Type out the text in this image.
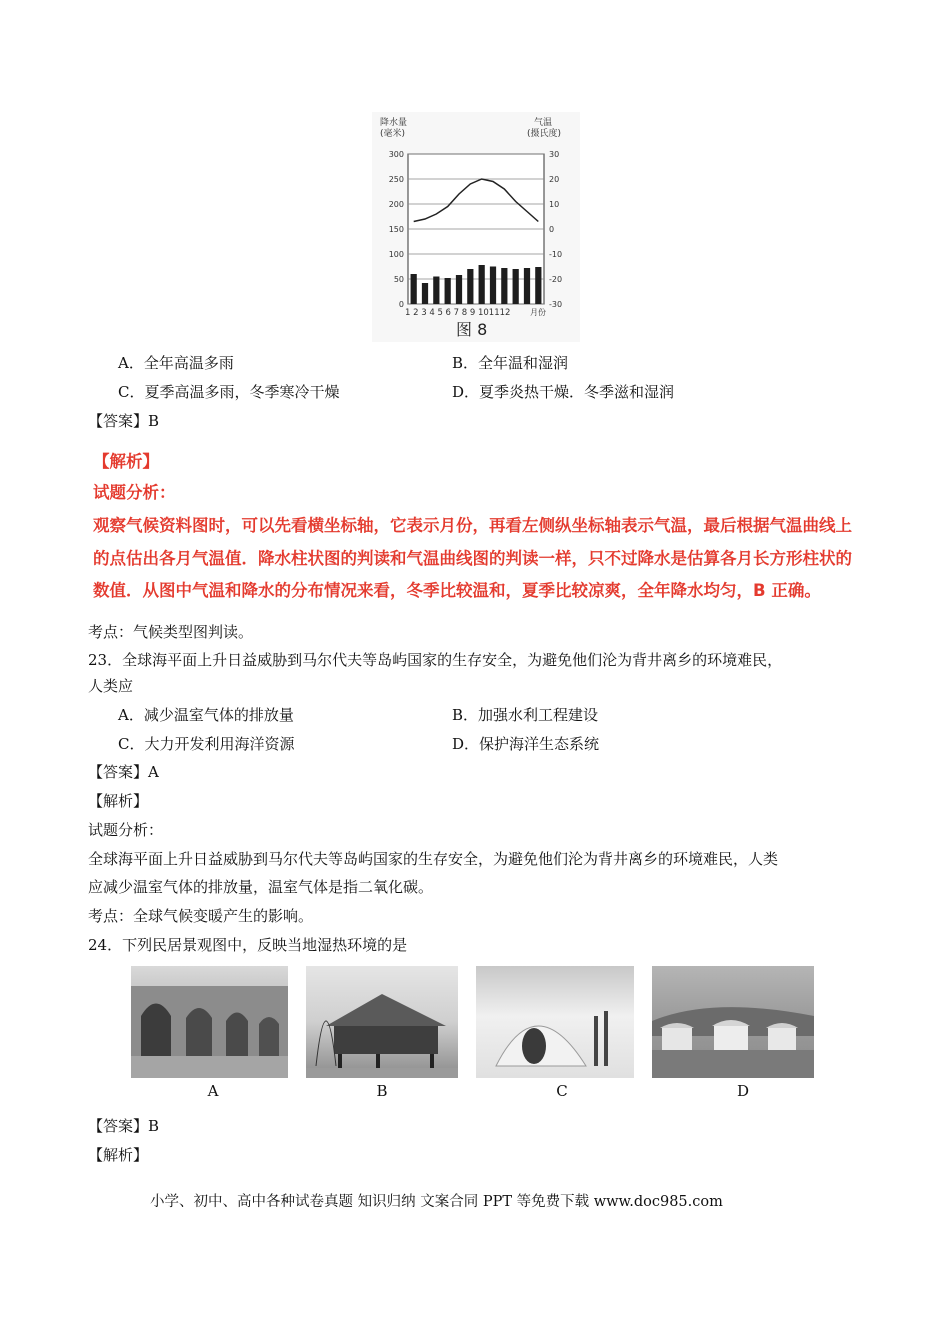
降水量
(毫米)
气温
(摄氏度)
300
250
200
150
100
50
0
30
20
10
0
-10
-20
-30
1 2 3 4 5 6 7 8 9 101112 月份
图 8
A．全年高温多雨	B．全年温和湿润
C．夏季高温多雨，冬季寒冷干燥	D．夏季炎热干燥．冬季滋和湿润
【答案】B
【解析】
试题分析：
观察气候资料图时，可以先看横坐标轴，它表示月份，再看左侧纵坐标轴表示气温，最后根据气温曲线上
的点估出各月气温值．降水柱状图的判读和气温曲线图的判读一样，只不过降水是估算各月长方形柱状的
数值．从图中气温和降水的分布情况来看，冬季比较温和，夏季比较凉爽，全年降水均匀，B 正确。
考点：气候类型图判读。
23．全球海平面上升日益威胁到马尔代夫等岛屿国家的生存安全，为避免他们沦为背井离乡的环境难民，
人类应
A．减少温室气体的排放量	B．加强水利工程建设
C．大力开发利用海洋资源	D．保护海洋生态系统
【答案】A
【解析】
试题分析：
全球海平面上升日益威胁到马尔代夫等岛屿国家的生存安全，为避免他们沦为背井离乡的环境难民，人类
应减少温室气体的排放量，温室气体是指二氧化碳。
考点：全球气候变暖产生的影响。
24．下列民居景观图中，反映当地湿热环境的是
A	B	C	D
【答案】B
【解析】
小学、初中、高中各种试卷真题 知识归纳 文案合同 PPT 等免费下载 www.doc985.com
